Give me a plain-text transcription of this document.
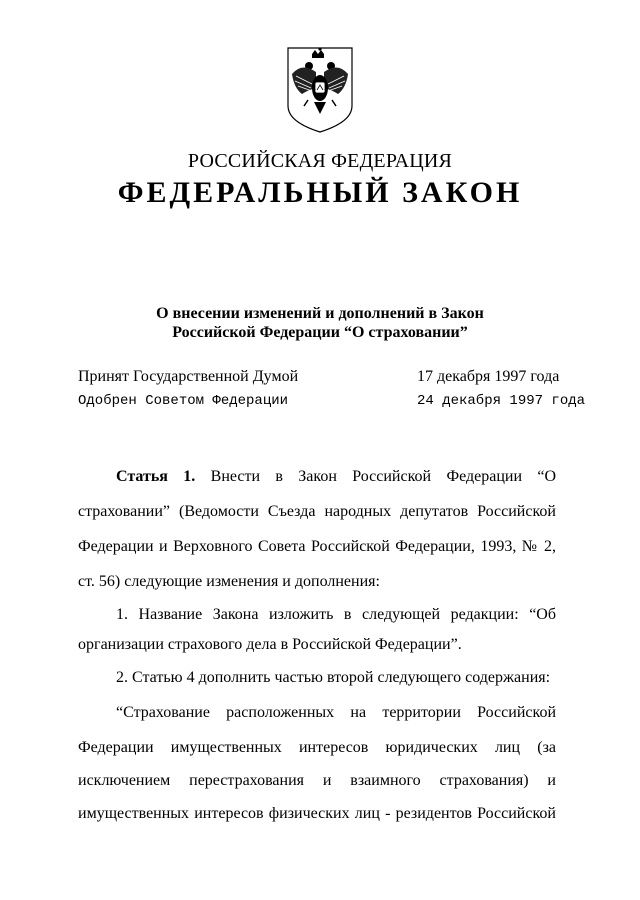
РОССИЙСКАЯ ФЕДЕРАЦИЯ
ФЕДЕРАЛЬНЫЙ ЗАКОН
О внесении изменений и дополнений в Закон
Российской Федерации “О страховании”
Принят Государственной Думой	17 декабря 1997 года
Одобрен Советом Федерации	24 декабря 1997 года
Статья 1. Внести в Закон Российской Федерации “О
страховании” (Ведомости Съезда народных депутатов Российской
Федерации и Верховного Совета Российской Федерации, 1993, № 2,
ст. 56) следующие изменения и дополнения:
1. Название Закона изложить в следующей редакции: “Об
организации страхового дела в Российской Федерации”.
2. Статью 4 дополнить частью второй следующего содержания:
“Страхование расположенных на территории Российской
Федерации имущественных интересов юридических лиц (за
исключением перестрахования и взаимного страхования) и
имущественных интересов физических лиц - резидентов Российской
